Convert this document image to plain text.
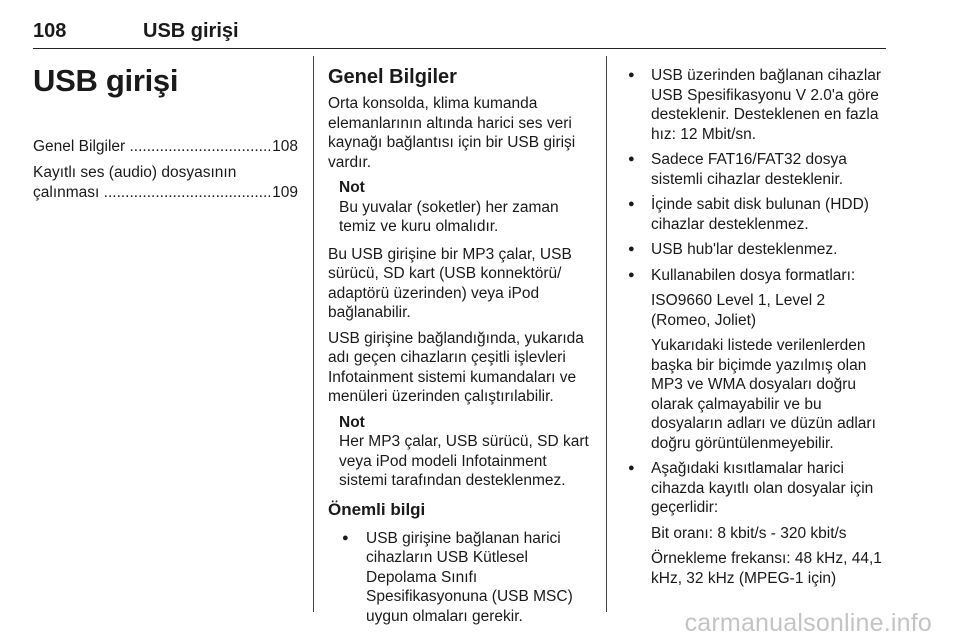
108	USB girişi
USB girişi
Genel Bilgiler .....	108
Kayıtlı ses (audio) dosyasının
çalınması .....	109
Genel Bilgiler

Orta konsolda, klima kumanda elemanlarının altında harici ses veri kaynağı bağlantısı için bir USB girişi vardır.

Not
Bu yuvalar (soketler) her zaman temiz ve kuru olmalıdır.

Bu USB girişine bir MP3 çalar, USB sürücü, SD kart (USB konnektörü/ adaptörü üzerinden) veya iPod bağlanabilir.

USB girişine bağlandığında, yukarıda adı geçen cihazların çeşitli işlevleri Infotainment sistemi kumandaları ve menüleri üzerinden çalıştırılabilir.

Not
Her MP3 çalar, USB sürücü, SD kart veya iPod modeli Infotainment sistemi tarafından desteklenmez.
Önemli bilgi
● USB girişine bağlanan harici cihazların USB Kütlesel Depolama Sınıfı Spesifikasyonuna (USB MSC) uygun olmaları gerekir.
● USB üzerinden bağlanan cihazlar USB Spesifikasyonu V 2.0'a göre desteklenir. Desteklenen en fazla hız: 12 Mbit/sn.
● Sadece FAT16/FAT32 dosya sistemli cihazlar desteklenir.
● İçinde sabit disk bulunan (HDD) cihazlar desteklenmez.
● USB hub'lar desteklenmez.
● Kullanabilen dosya formatları:
ISO9660 Level 1, Level 2 (Romeo, Joliet)
Yukarıdaki listede verilenlerden başka bir biçimde yazılmış olan MP3 ve WMA dosyaları doğru olarak çalmayabilir ve bu dosyaların adları ve düzün adları doğru görüntülenmeyebilir.
● Aşağıdaki kısıtlamalar harici cihazda kayıtlı olan dosyalar için geçerlidir:
Bit oranı: 8 kbit/s - 320 kbit/s
Örnekleme frekansı: 48 kHz, 44,1 kHz, 32 kHz (MPEG-1 için)
carmanualsonline.info
